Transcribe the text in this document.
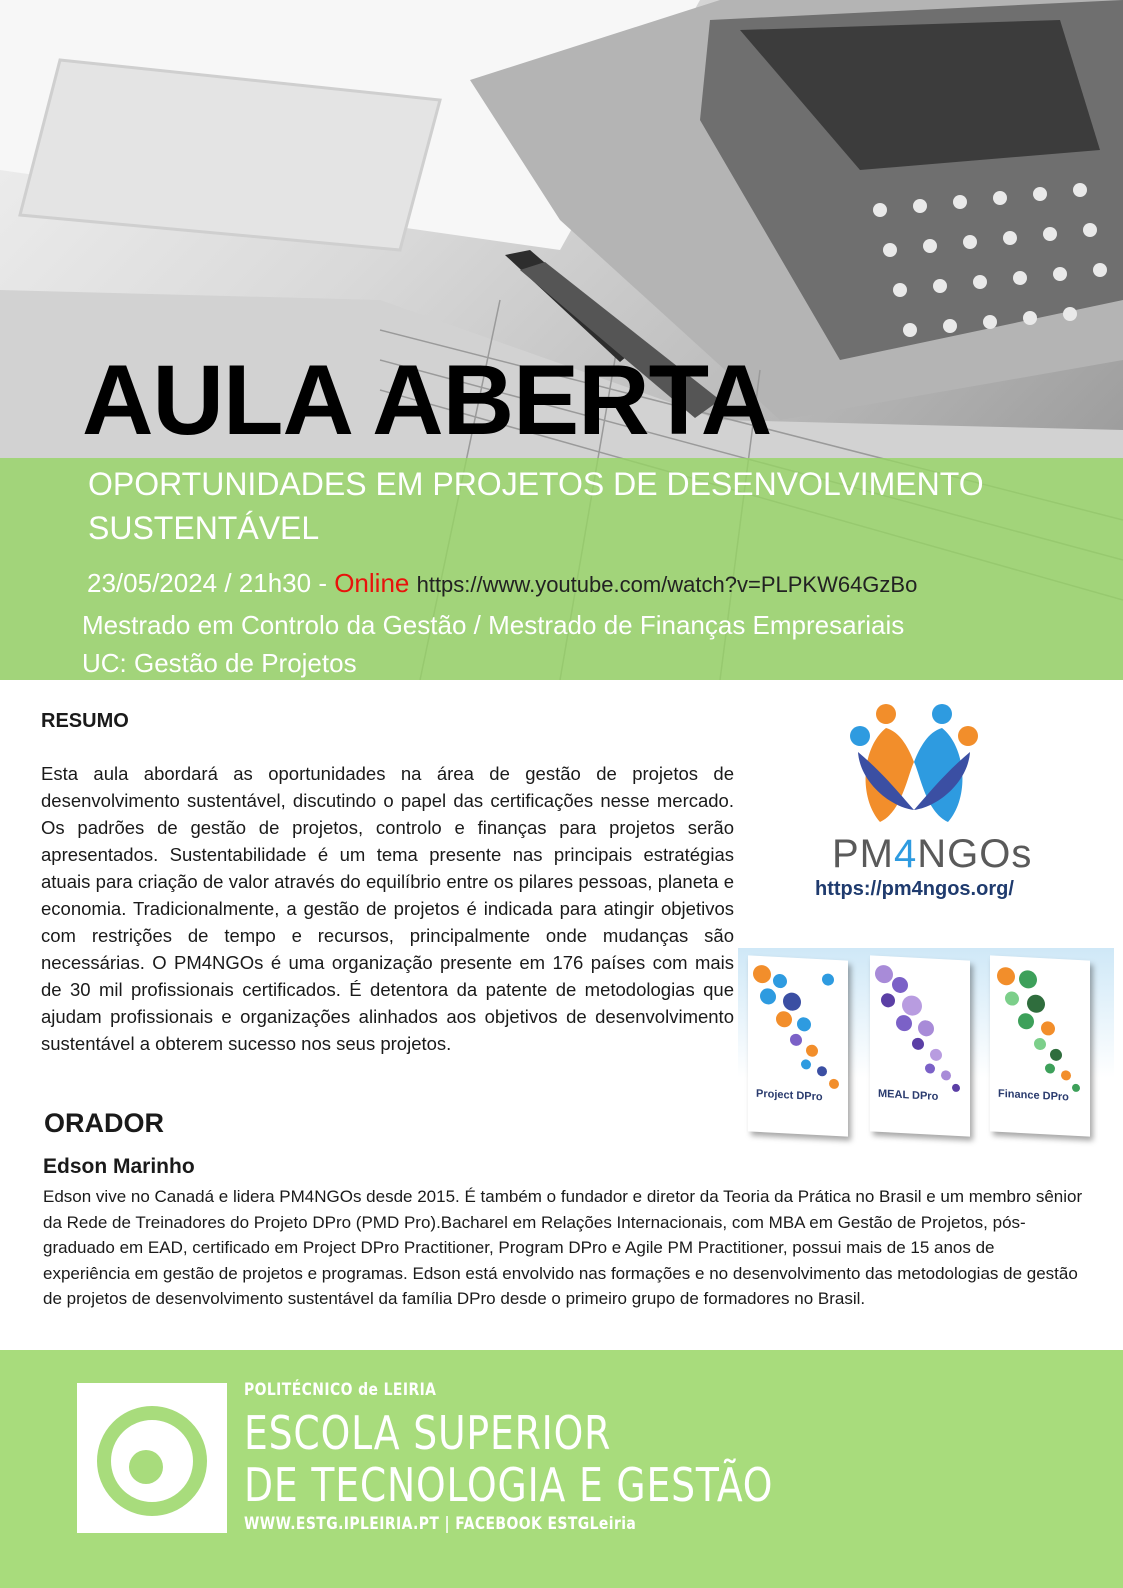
AULA ABERTA
OPORTUNIDADES EM PROJETOS DE DESENVOLVIMENTO SUSTENTÁVEL
23/05/2024 / 21h30 - Online https://www.youtube.com/watch?v=PLPKW64GzBo
Mestrado em Controlo da Gestão / Mestrado de Finanças Empresariais
UC: Gestão de Projetos
RESUMO

Esta aula abordará as oportunidades na área de gestão de projetos de desenvolvimento sustentável, discutindo o papel das certificações nesse mercado. Os padrões de gestão de projetos, controlo e finanças para projetos serão apresentados. Sustentabilidade é um tema presente nas principais estratégias atuais para criação de valor através do equilíbrio entre os pilares pessoas, planeta e economia. Tradicionalmente, a gestão de projetos é indicada para atingir objetivos com restrições de tempo e recursos, principalmente onde mudanças são necessárias. O PM4NGOs é uma organização presente em 176 países com mais de 30 mil profissionais certificados. É detentora da patente de metodologias que ajudam profissionais e organizações alinhados aos objetivos de desenvolvimento sustentável a obterem sucesso nos seus projetos.

PM4NGOs
https://pm4ngos.org/
Project DPro	MEAL DPro	Finance DPro
ORADOR
Edson Marinho

Edson vive no Canadá e lidera PM4NGOs desde 2015. É também o fundador e diretor da Teoria da Prática no Brasil e um membro sênior da Rede de Treinadores do Projeto DPro (PMD Pro).Bacharel em Relações Internacionais, com MBA em Gestão de Projetos, pós-graduado em EAD, certificado em Project DPro Practitioner, Program DPro e Agile PM Practitioner, possui mais de 15 anos de experiência em gestão de projetos e programas. Edson está envolvido nas formações e no desenvolvimento das metodologias de gestão de projetos de desenvolvimento sustentável da família DPro desde o primeiro grupo de formadores no Brasil.

POLITÉCNICO de LEIRIA
ESCOLA SUPERIOR
DE TECNOLOGIA E GESTÃO
WWW.ESTG.IPLEIRIA.PT | FACEBOOK ESTGLeiria
